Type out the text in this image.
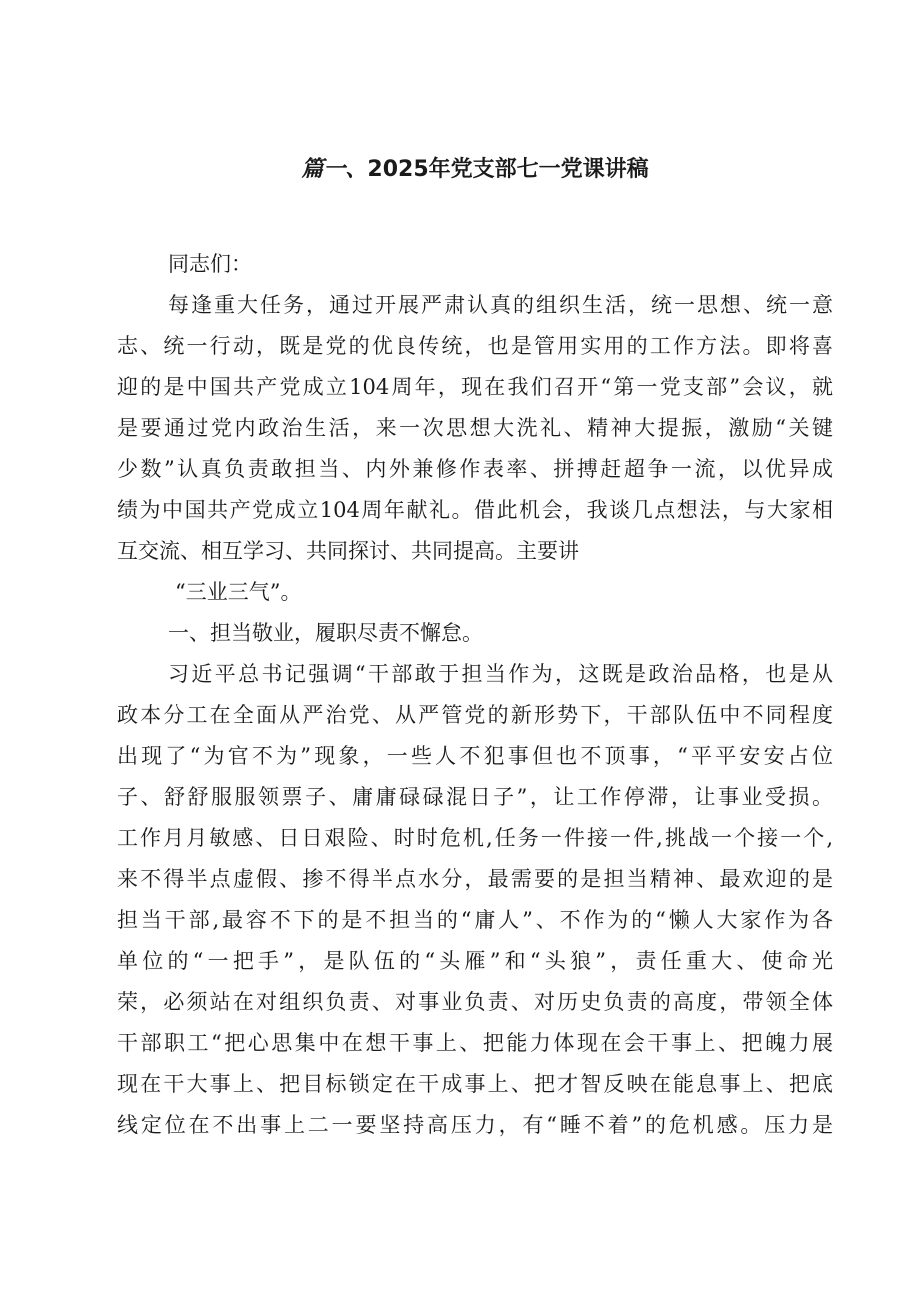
篇一、2025年党支部七一党课讲稿
同志们：
每逢重大任务，通过开展严肃认真的组织生活，统一思想、统一意
志、统一行动，既是党的优良传统，也是管用实用的工作方法。即将喜
迎的是中国共产党成立104周年，现在我们召开“第一党支部”会议，就
是要通过党内政治生活，来一次思想大洗礼、精神大提振，激励“关键
少数”认真负责敢担当、内外兼修作表率、拼搏赶超争一流，以优异成
绩为中国共产党成立104周年献礼。借此机会，我谈几点想法，与大家相
互交流、相互学习、共同探讨、共同提高。主要讲
“三业三气”。
一、担当敬业，履职尽责不懈怠。
习近平总书记强调“干部敢于担当作为，这既是政治品格，也是从
政本分工在全面从严治党、从严管党的新形势下，干部队伍中不同程度
出现了“为官不为”现象，一些人不犯事但也不顶事，“平平安安占位
子、舒舒服服领票子、庸庸碌碌混日子”，让工作停滞，让事业受损。
工作月月敏感、日日艰险、时时危机,任务一件接一件,挑战一个接一个,
来不得半点虚假、掺不得半点水分，最需要的是担当精神、最欢迎的是
担当干部,最容不下的是不担当的“庸人”、不作为的“懒人大家作为各
单位的“一把手”，是队伍的“头雁”和“头狼”，责任重大、使命光
荣，必须站在对组织负责、对事业负责、对历史负责的高度，带领全体
干部职工“把心思集中在想干事上、把能力体现在会干事上、把魄力展
现在干大事上、把目标锁定在干成事上、把才智反映在能息事上、把底
线定位在不出事上二一要坚持高压力，有“睡不着”的危机感。压力是
